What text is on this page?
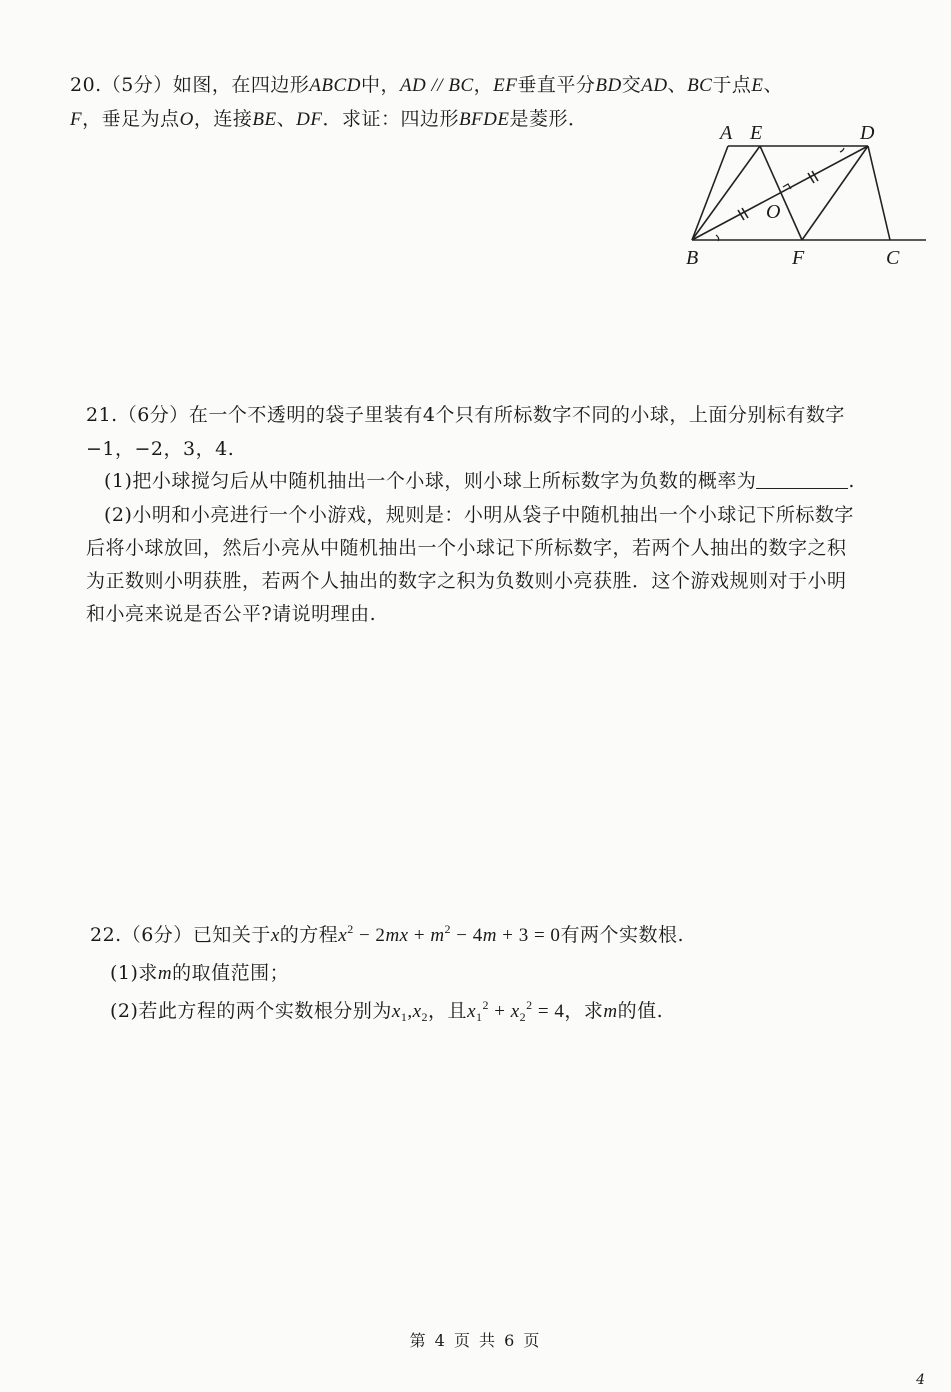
20.（5分）如图，在四边形ABCD中，AD // BC，EF垂直平分BD交AD、BC于点E、
F，垂足为点O，连接BE、DF．求证：四边形BFDE是菱形．
A E	D
O
B	F	C
21.（6分）在一个不透明的袋子里装有4个只有所标数字不同的小球，上面分别标有数字
−1，−2，3，4.
(1)把小球搅匀后从中随机抽出一个小球，则小球上所标数字为负数的概率为	.
(2)小明和小亮进行一个小游戏，规则是：小明从袋子中随机抽出一个小球记下所标数字
后将小球放回，然后小亮从中随机抽出一个小球记下所标数字，若两个人抽出的数字之积
为正数则小明获胜，若两个人抽出的数字之积为负数则小亮获胜．这个游戏规则对于小明
和小亮来说是否公平?请说明理由.
22.（6分）已知关于x的方程$x^2 - 2mx + m^2 - 4m + 3 = 0$有两个实数根.
(1)求m的取值范围；
(2)若此方程的两个实数根分别为$x_1,x_2$，且$x_1^2 + x_2^2 = 4$，求m的值.
第 4 页 共 6 页
4
